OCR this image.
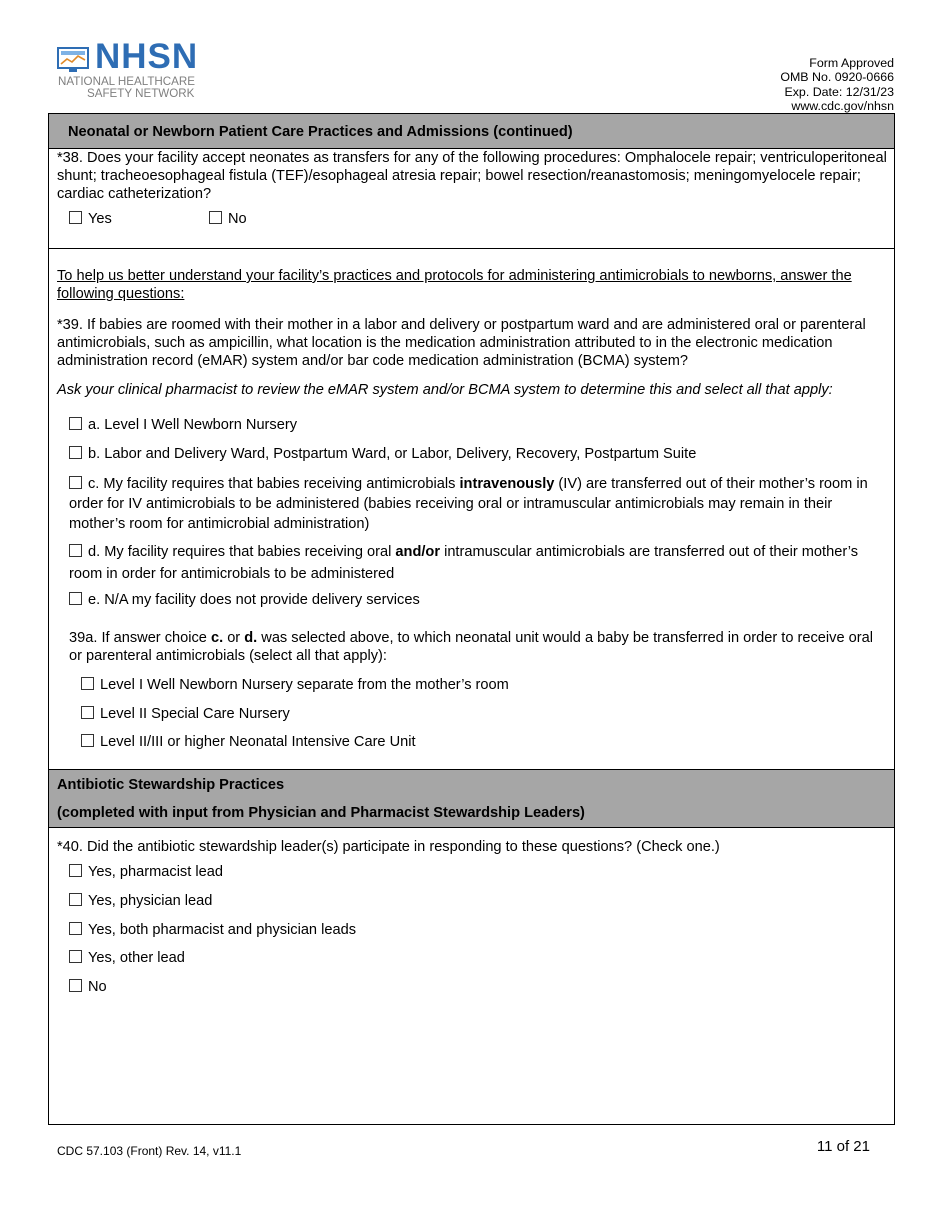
NHSN
NATIONAL HEALTHCARE
SAFETY NETWORK
Form Approved
OMB No. 0920-0666
Exp. Date: 12/31/23
www.cdc.gov/nhsn
Neonatal or Newborn Patient Care Practices and Admissions (continued)
*38. Does your facility accept neonates as transfers for any of the following procedures: Omphalocele repair; ventriculoperitoneal shunt; tracheoesophageal fistula (TEF)/esophageal atresia repair; bowel resection/reanastomosis; meningomyelocele repair; cardiac catheterization?
Yes	No
To help us better understand your facility’s practices and protocols for administering antimicrobials to newborns, answer the following questions:
*39. If babies are roomed with their mother in a labor and delivery or postpartum ward and are administered oral or parenteral antimicrobials, such as ampicillin, what location is the medication administration attributed to in the electronic medication administration record (eMAR) system and/or bar code medication administration (BCMA) system?
Ask your clinical pharmacist to review the eMAR system and/or BCMA system to determine this and select all that apply:
a. Level I Well Newborn Nursery
b. Labor and Delivery Ward, Postpartum Ward, or Labor, Delivery, Recovery, Postpartum Suite
c. My facility requires that babies receiving antimicrobials intravenously (IV) are transferred out of their mother’s room in order for IV antimicrobials to be administered (babies receiving oral or intramuscular antimicrobials may remain in their mother’s room for antimicrobial administration)
d. My facility requires that babies receiving oral and/or intramuscular antimicrobials are transferred out of their mother’s room in order for antimicrobials to be administered
e. N/A my facility does not provide delivery services
39a. If answer choice c. or d. was selected above, to which neonatal unit would a baby be transferred in order to receive oral or parenteral antimicrobials (select all that apply):
Level I Well Newborn Nursery separate from the mother’s room
Level II Special Care Nursery
Level II/III or higher Neonatal Intensive Care Unit
Antibiotic Stewardship Practices
(completed with input from Physician and Pharmacist Stewardship Leaders)
*40. Did the antibiotic stewardship leader(s) participate in responding to these questions? (Check one.)
Yes, pharmacist lead
Yes, physician lead
Yes, both pharmacist and physician leads
Yes, other lead
No
CDC 57.103 (Front) Rev. 14, v11.1	11 of 21
